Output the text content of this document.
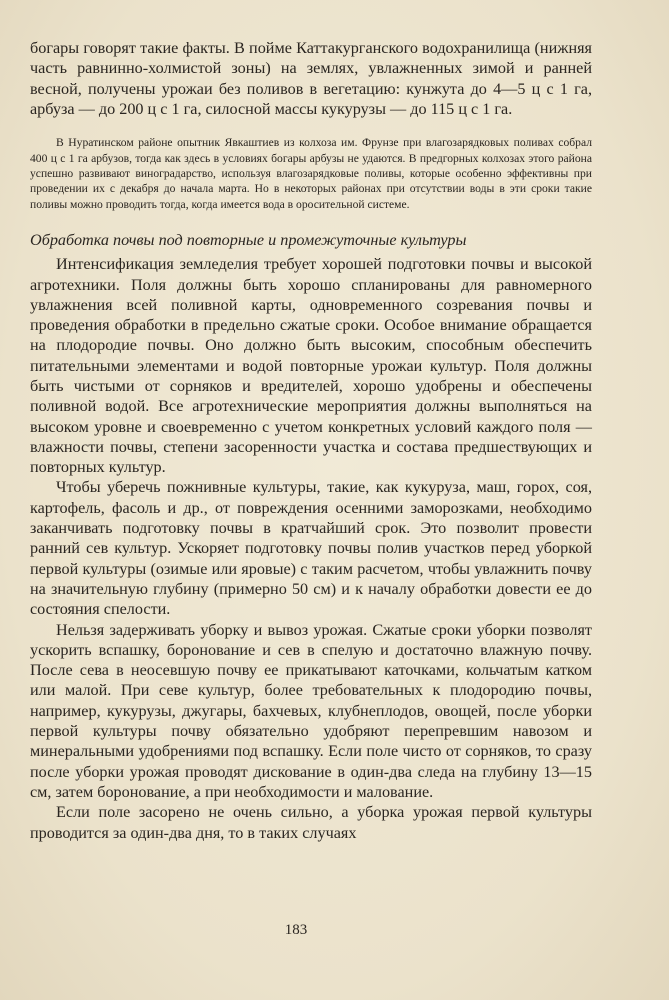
богары говорят такие факты. В пойме Каттакурганского водохранилища (нижняя часть равнинно-холмистой зоны) на землях, увлажненных зимой и ранней весной, получены урожаи без поливов в вегетацию: кунжута до 4—5 ц с 1 га, арбуза — до 200 ц с 1 га, силосной массы кукурузы — до 115 ц с 1 га.

В Нуратинском районе опытник Явкаштиев из колхоза им. Фрунзе при влагозарядковых поливах собрал 400 ц с 1 га арбузов, тогда как здесь в условиях богары арбузы не удаются. В предгорных колхозах этого района успешно развивают виноградарство, используя влагозарядковые поливы, которые особенно эффективны при проведении их с декабря до начала марта. Но в некоторых районах при отсутствии воды в эти сроки такие поливы можно проводить тогда, когда имеется вода в оросительной системе.

Обработка почвы под повторные и промежуточные культуры

Интенсификация земледелия требует хорошей подготовки почвы и высокой агротехники. Поля должны быть хорошо спланированы для равномерного увлажнения всей поливной карты, одновременного созревания почвы и проведения обработки в предельно сжатые сроки. Особое внимание обращается на плодородие почвы. Оно должно быть высоким, способным обеспечить питательными элементами и водой повторные урожаи культур. Поля должны быть чистыми от сорняков и вредителей, хорошо удобрены и обеспечены поливной водой. Все агротехнические мероприятия должны выполняться на высоком уровне и своевременно с учетом конкретных условий каждого поля — влажности почвы, степени засоренности участка и состава предшествующих и повторных культур.

Чтобы уберечь пожнивные культуры, такие, как кукуруза, маш, горох, соя, картофель, фасоль и др., от повреждения осенними заморозками, необходимо заканчивать подготовку почвы в кратчайший срок. Это позволит провести ранний сев культур. Ускоряет подготовку почвы полив участков перед уборкой первой культуры (озимые или яровые) с таким расчетом, чтобы увлажнить почву на значительную глубину (примерно 50 см) и к началу обработки довести ее до состояния спелости.

Нельзя задерживать уборку и вывоз урожая. Сжатые сроки уборки позволят ускорить вспашку, боронование и сев в спелую и достаточно влажную почву. После сева в неосевшую почву ее прикатывают каточками, кольчатым катком или малой. При севе культур, более требовательных к плодородию почвы, например, кукурузы, джугары, бахчевых, клубнеплодов, овощей, после уборки первой культуры почву обязательно удобряют перепревшим навозом и минеральными удобрениями под вспашку. Если поле чисто от сорняков, то сразу после уборки урожая проводят дискование в один-два следа на глубину 13—15 см, затем боронование, а при необходимости и малование.

Если поле засорено не очень сильно, а уборка урожая первой культуры проводится за один-два дня, то в таких случаях

183
